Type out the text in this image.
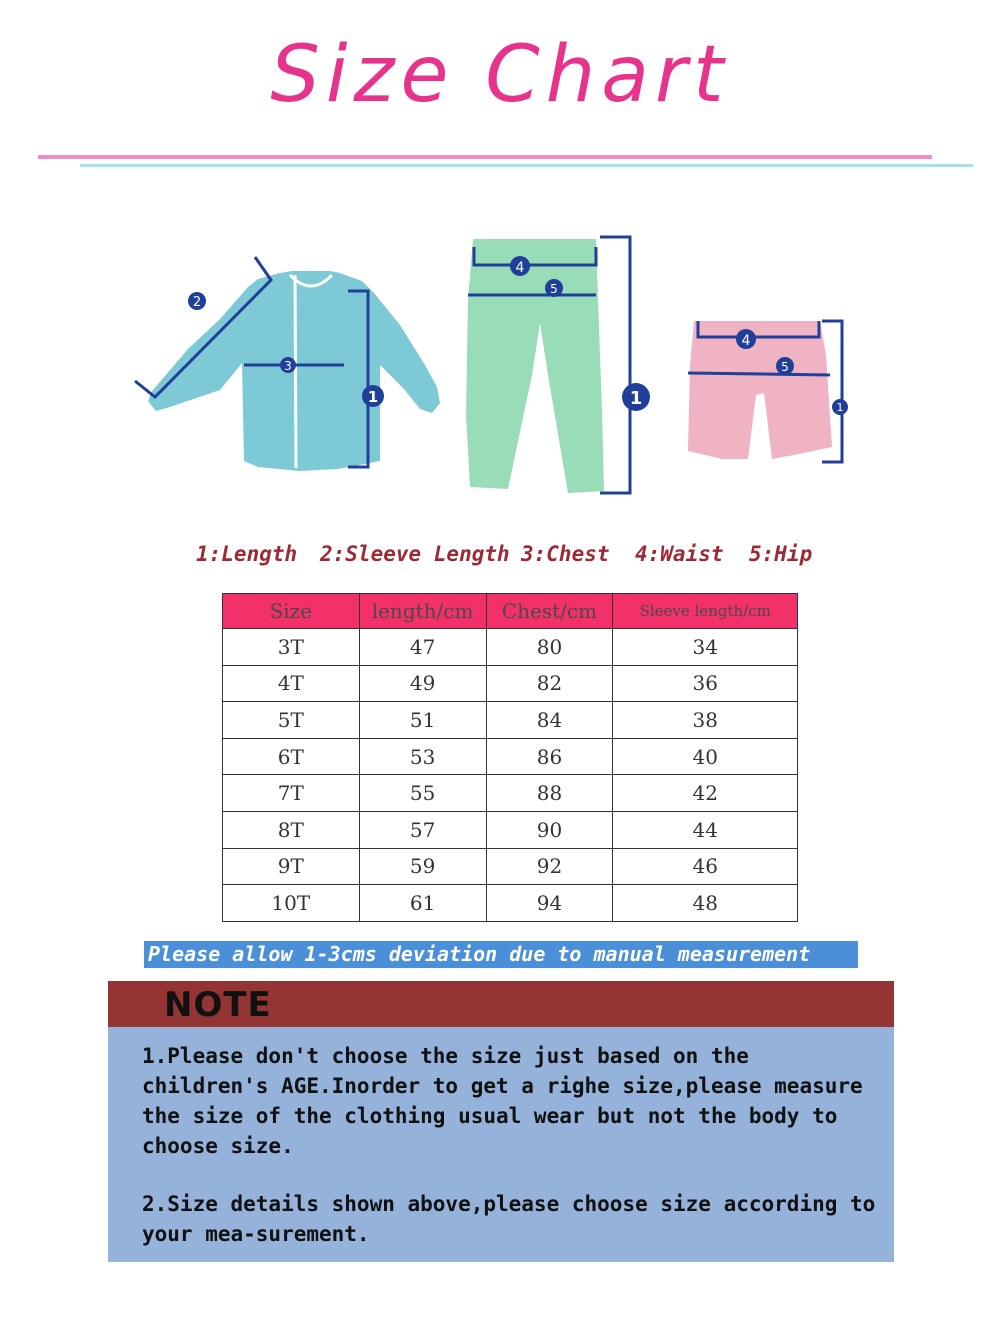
Size Chart
2
3
1
4
5
1
4
5
1
1:Length 2:Sleeve Length 3:Chest 4:Waist 5:Hip
Size	length/cm	Chest/cm	Sleeve length/cm
3T	47	80	34
4T	49	82	36
5T	51	84	38
6T	53	86	40
7T	55	88	42
8T	57	90	44
9T	59	92	46
10T	61	94	48
Please allow 1-3cms deviation due to manual measurement
NOTE

1.Please don't choose the size just based on the children's AGE.Inorder to get a righe size,please measure the size of the clothing usual wear but not the body to choose size.

2.Size details shown above,please choose size according to your mea-surement.
